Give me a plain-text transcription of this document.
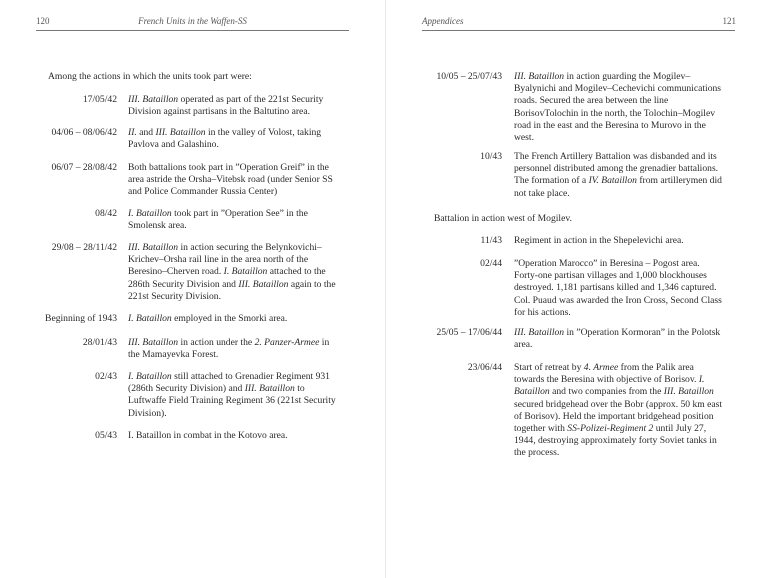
120	French Units in the Waffen-SS

Among the actions in which the units took part were:

17/05/42 III. Bataillon operated as part of the 221st Security Division against partisans in the Baltutino area.
04/06 – 08/06/42 II. and III. Bataillon in the valley of Volost, taking Pavlova and Galashino.
06/07 – 28/08/42 Both battalions took part in ”Operation Greif” in the area astride the Orsha–Vitebsk road (under Senior SS and Police Commander Russia Center)
08/42 I. Bataillon took part in ”Operation See” in the Smolensk area.
29/08 – 28/11/42 III. Bataillon in action securing the Belynkovichi–Krichev–Orsha rail line in the area north of the Beresino–Cherven road. I. Bataillon attached to the 286th Security Division and III. Bataillon again to the 221st Security Division.
Beginning of 1943 I. Bataillon employed in the Smorki area.
28/01/43 III. Bataillon in action under the 2. Panzer-Armee in the Mamayevka Forest.
02/43 I. Bataillon still attached to Grenadier Regiment 931 (286th Security Division) and III. Bataillon to Luftwaffe Field Training Regiment 36 (221st Security Division).
05/43 I. Bataillon in combat in the Kotovo area.
Appendices	121
10/05 – 25/07/43 III. Bataillon in action guarding the Mogilev–Byalynichi and Mogilev–Cechevichi communications roads. Secured the area between the line BorisovTolochin in the north, the Tolochin–Mogilev road in the east and the Beresina to Murovo in the west.
10/43 The French Artillery Battalion was disbanded and its personnel distributed among the grenadier battalions. The formation of a IV. Bataillon from artillerymen did not take place.

Battalion in action west of Mogilev.

11/43 Regiment in action in the Shepelevichi area.
02/44 ”Operation Marocco” in Beresina – Pogost area. Forty-one partisan villages and 1,000 blockhouses destroyed. 1,181 partisans killed and 1,346 captured. Col. Puaud was awarded the Iron Cross, Second Class for his actions.
25/05 – 17/06/44 III. Bataillon in ”Operation Kormoran” in the Polotsk area.
23/06/44 Start of retreat by 4. Armee from the Palik area towards the Beresina with objective of Borisov. I. Bataillon and two companies from the III. Bataillon secured bridgehead over the Bobr (approx. 50 km east of Borisov). Held the important bridgehead position together with SS-Polizei-Regiment 2 until July 27, 1944, destroying approximately forty Soviet tanks in the process.
